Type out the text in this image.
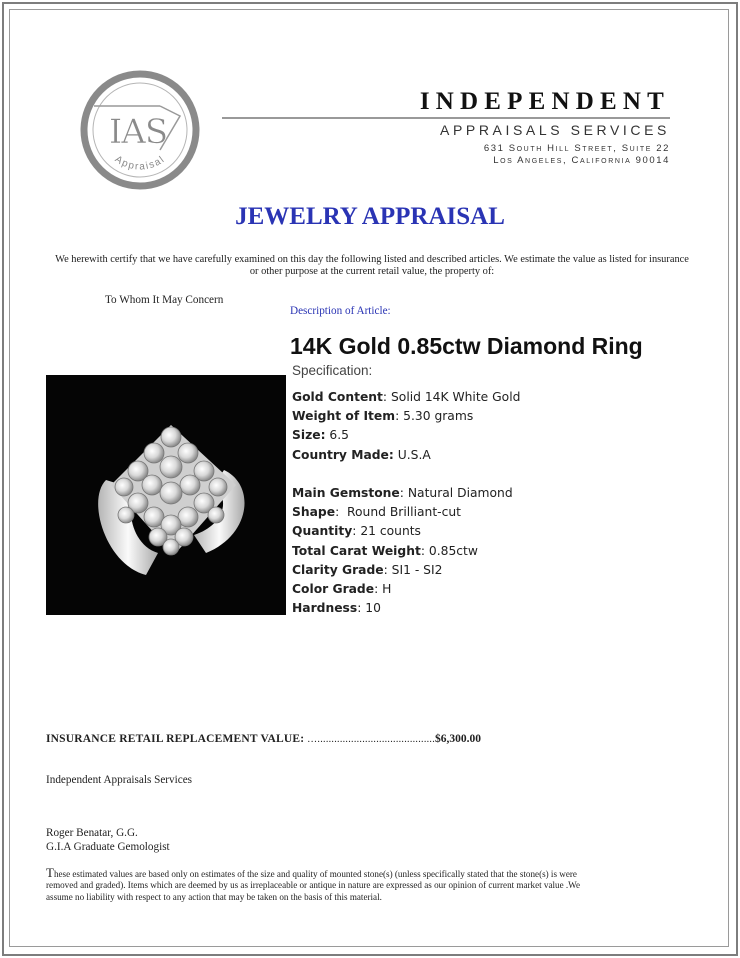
IAS
Appraisal
INDEPENDENT
APPRAISALS SERVICES
631 South Hill Street, Suite 22
Los Angeles, California 90014
JEWELRY APPRAISAL
We herewith certify that we have carefully examined on this day the following listed and described articles. We estimate the value as listed for insurance or other purpose at the current retail value, the property of:
To Whom It May Concern
Description of Article:
14K Gold 0.85ctw Diamond Ring
Specification:
Gold Content: Solid 14K White Gold
Weight of Item: 5.30 grams
Size: 6.5
Country Made: U.S.A
Main Gemstone: Natural Diamond
Shape:  Round Brilliant-cut
Quantity: 21 counts
Total Carat Weight: 0.85ctw
Clarity Grade: SI1 - SI2
Color Grade: H
Hardness: 10
INSURANCE RETAIL REPLACEMENT VALUE: …..........................................$6,300.00
Independent Appraisals Services
Roger Benatar, G.G.
G.I.A Graduate Gemologist
These estimated values are based only on estimates of the size and quality of mounted stone(s) (unless specifically stated that the stone(s) is were removed and graded). Items which are deemed by us as irreplaceable or antique in nature are expressed as our opinion of current market value .We assume no liability with respect to any action that may be taken on the basis of this material.
